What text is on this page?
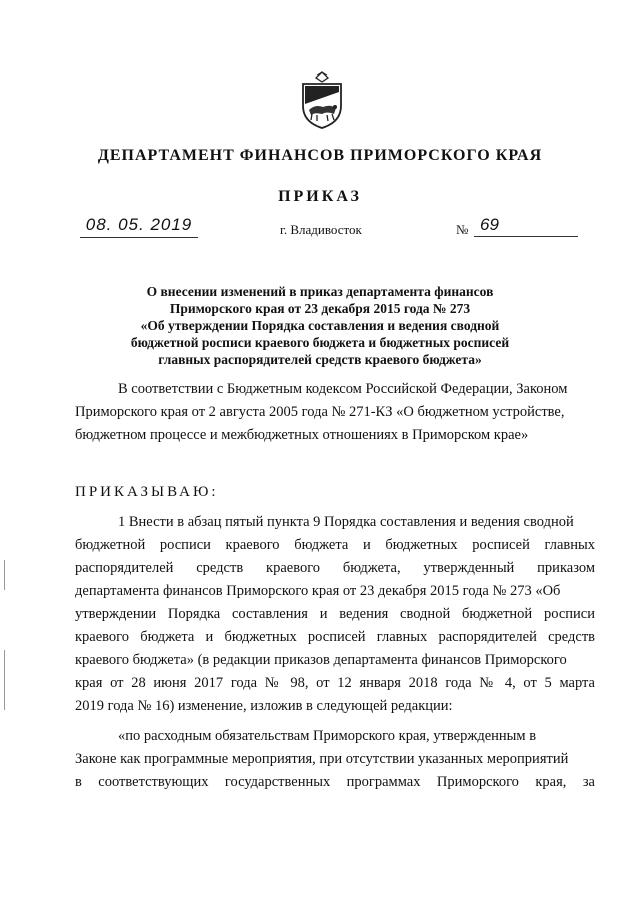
ДЕПАРТАМЕНТ ФИНАНСОВ ПРИМОРСКОГО КРАЯ
ПРИКАЗ
08. 05. 2019	г. Владивосток	№ 69
О внесении изменений в приказ департамента финансов
Приморского края от 23 декабря 2015 года № 273
«Об утверждении Порядка составления и ведения сводной
бюджетной росписи краевого бюджета и бюджетных росписей
главных распорядителей средств краевого бюджета»
В соответствии с Бюджетным кодексом Российской Федерации, Законом
Приморского края от 2 августа 2005 года № 271-КЗ «О бюджетном устройстве,
бюджетном процессе и межбюджетных отношениях в Приморском крае»
ПРИКАЗЫВАЮ:
1 Внести в абзац пятый пункта 9 Порядка составления и ведения сводной
бюджетной росписи краевого бюджета и бюджетных росписей главных
распорядителей средств краевого бюджета, утвержденный приказом
департамента финансов Приморского края от 23 декабря 2015 года № 273 «Об
утверждении Порядка составления и ведения сводной бюджетной росписи
краевого бюджета и бюджетных росписей главных распорядителей средств
краевого бюджета» (в редакции приказов департамента финансов Приморского
края от 28 июня 2017 года № 98, от 12 января 2018 года № 4, от 5 марта
2019 года № 16) изменение, изложив в следующей редакции:
«по расходным обязательствам Приморского края, утвержденным в
Законе как программные мероприятия, при отсутствии указанных мероприятий
в соответствующих государственных программах Приморского края, за
